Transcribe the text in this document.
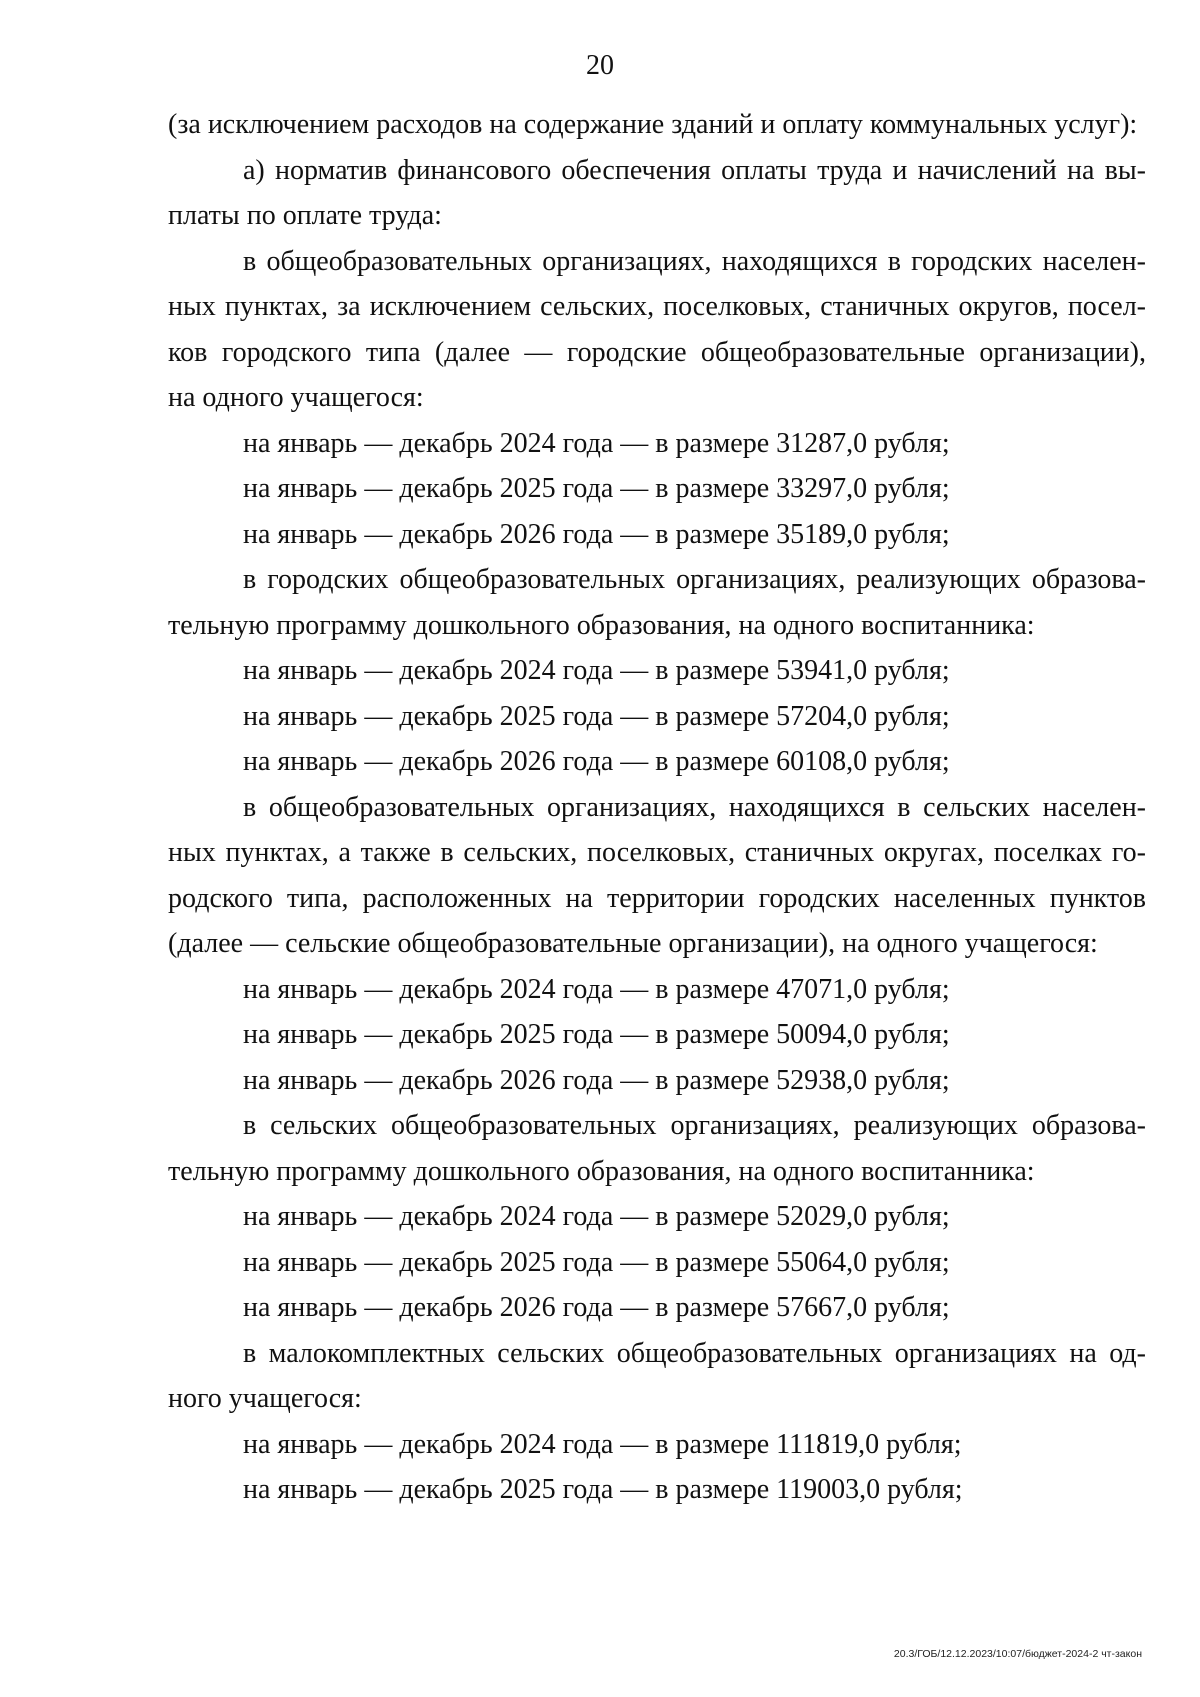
20
(за исключением расходов на содержание зданий и оплату коммунальных услуг):
а) норматив финансового обеспечения оплаты труда и начислений на вы-
платы по оплате труда:
в общеобразовательных организациях, находящихся в городских населен-
ных пунктах, за исключением сельских, поселковых, станичных округов, посел-
ков городского типа (далее — городские общеобразовательные организации),
на одного учащегося:
на январь — декабрь 2024 года — в размере 31287,0 рубля;
на январь — декабрь 2025 года — в размере 33297,0 рубля;
на январь — декабрь 2026 года — в размере 35189,0 рубля;
в городских общеобразовательных организациях, реализующих образова-
тельную программу дошкольного образования, на одного воспитанника:
на январь — декабрь 2024 года — в размере 53941,0 рубля;
на январь — декабрь 2025 года — в размере 57204,0 рубля;
на январь — декабрь 2026 года — в размере 60108,0 рубля;
в общеобразовательных организациях, находящихся в сельских населен-
ных пунктах, а также в сельских, поселковых, станичных округах, поселках го-
родского типа, расположенных на территории городских населенных пунктов
(далее — сельские общеобразовательные организации), на одного учащегося:
на январь — декабрь 2024 года — в размере 47071,0 рубля;
на январь — декабрь 2025 года — в размере 50094,0 рубля;
на январь — декабрь 2026 года — в размере 52938,0 рубля;
в сельских общеобразовательных организациях, реализующих образова-
тельную программу дошкольного образования, на одного воспитанника:
на январь — декабрь 2024 года — в размере 52029,0 рубля;
на январь — декабрь 2025 года — в размере 55064,0 рубля;
на январь — декабрь 2026 года — в размере 57667,0 рубля;
в малокомплектных сельских общеобразовательных организациях на од-
ного учащегося:
на январь — декабрь 2024 года — в размере 111819,0 рубля;
на январь — декабрь 2025 года — в размере 119003,0 рубля;
20.3/ГОБ/12.12.2023/10:07/бюджет-2024-2 чт-закон
